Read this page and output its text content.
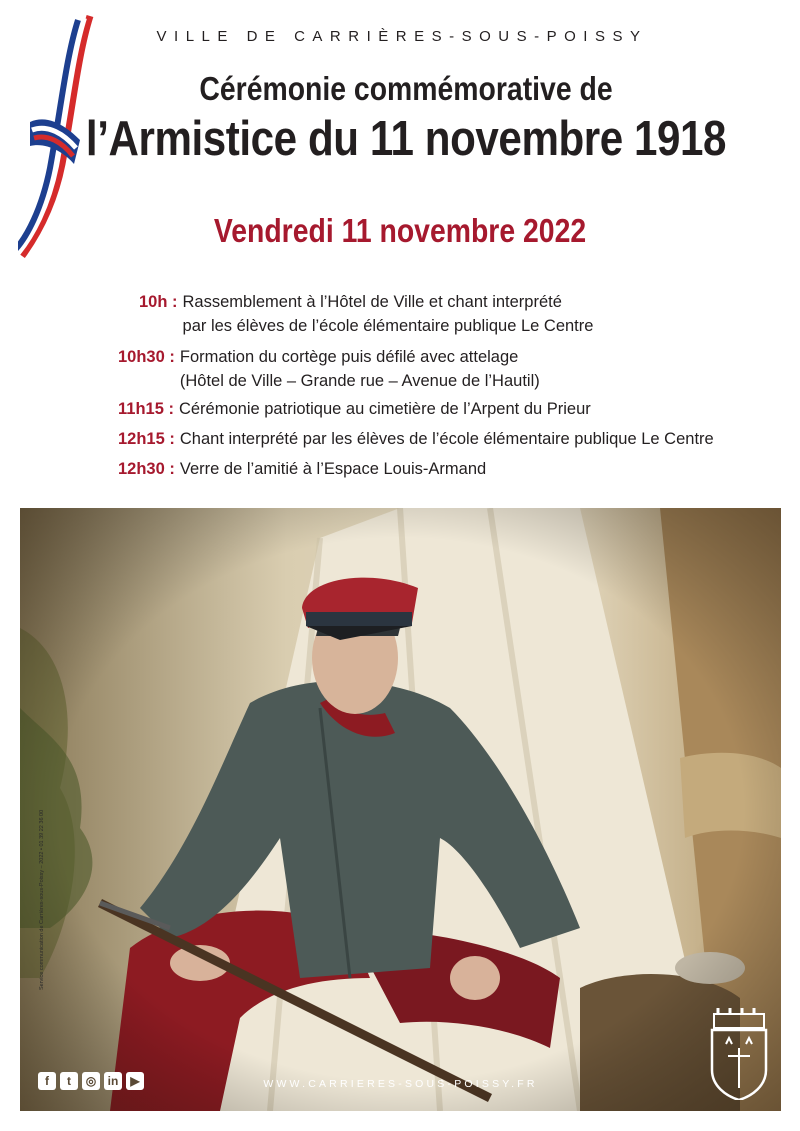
VILLE DE CARRIÈRES-SOUS-POISSY
Cérémonie commémorative de
l’Armistice du 11 novembre 1918
Vendredi 11 novembre 2022
10h : Rassemblement à l’Hôtel de Ville et chant interprété
par les élèves de l’école élémentaire publique Le Centre
10h30 : Formation du cortège puis défilé avec attelage
(Hôtel de Ville – Grande rue – Avenue de l’Hautil)
11h15 : Cérémonie patriotique au cimetière de l’Arpent du Prieur
12h15 : Chant interprété par les élèves de l’école élémentaire publique Le Centre
12h30 : Verre de l’amitié à l’Espace Louis-Armand
f	t	◎ in	▶	WWW.CARRIERES-SOUS-POISSY.FR
Service communication de Carrières-sous-Poissy – 2022 • 01 39 22 36 00
